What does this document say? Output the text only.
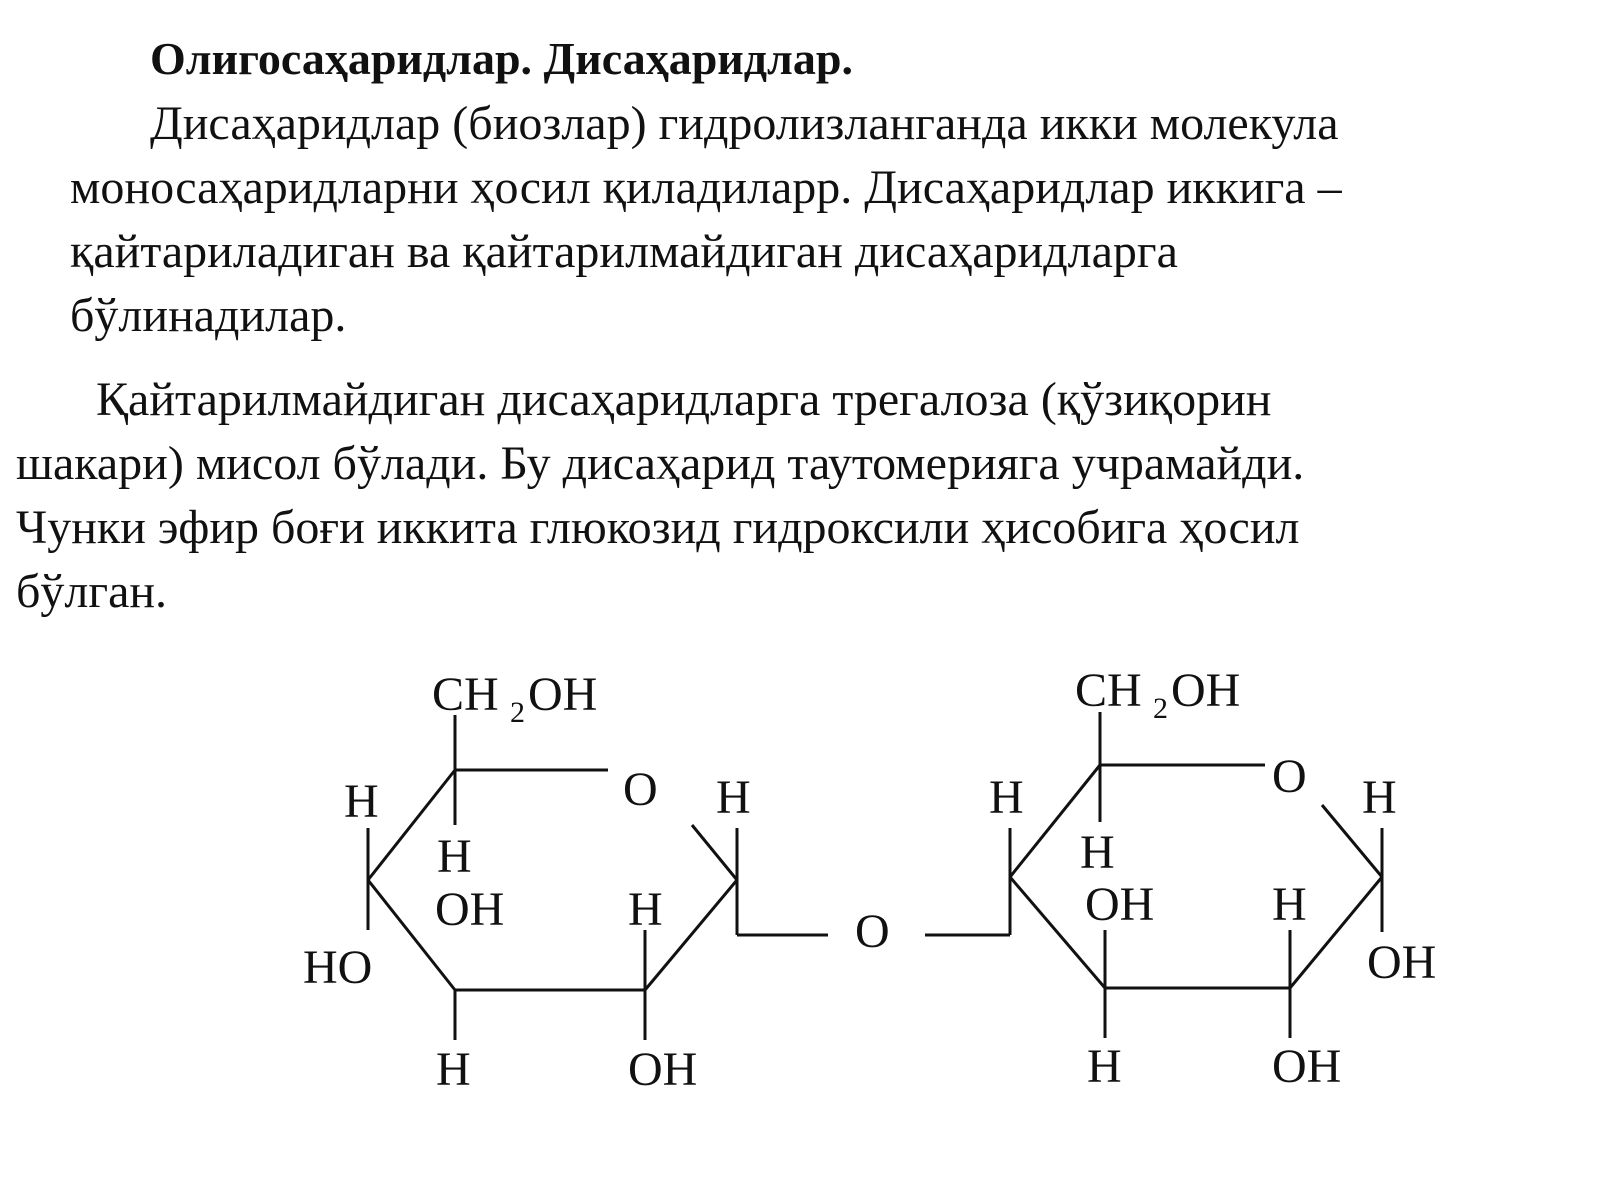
Олигосаҳаридлар. Дисаҳаридлар.
Дисаҳаридлар (биозлар) гидролизланганда икки молекула
моносаҳаридларни ҳосил қиладиларр. Дисаҳаридлар иккига –
қайтариладиган ва қайтарилмайдиган дисаҳаридларга
бўлинадилар.
Қайтарилмайдиган дисаҳаридларга трегалоза (қўзиқорин
шакари) мисол бўлади. Бу дисаҳарид таутомерияга учрамайди.
Чунки эфир боғи иккита глюкозид гидроксили ҳисобига ҳосил
бўлган.
CH 2 OH
O H
H
H
OH	H
HO
H	OH
O
CH 2 OH
O H
H
H
OH H
OH
H	OH
